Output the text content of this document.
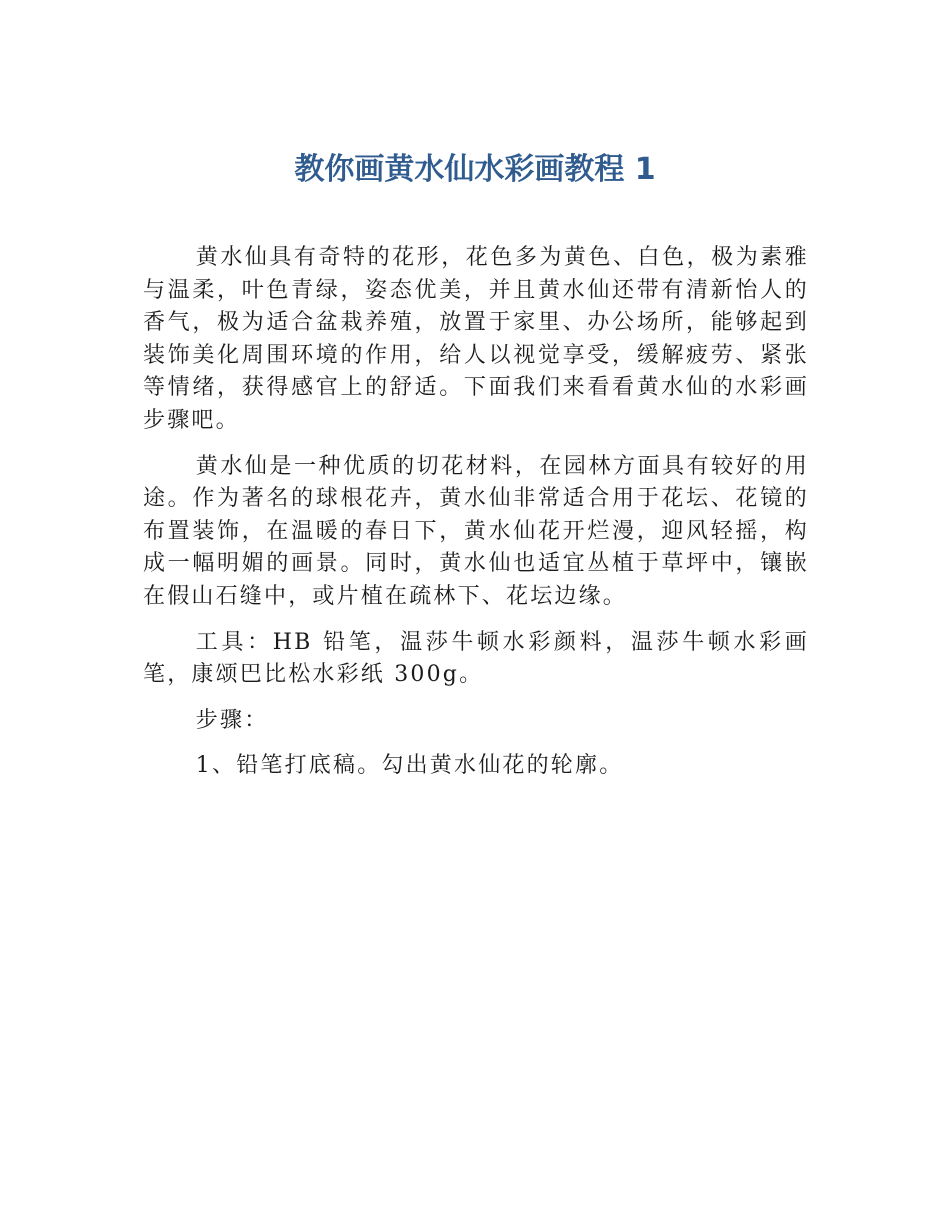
教你画黄水仙水彩画教程 1

黄水仙具有奇特的花形，花色多为黄色、白色，极为素雅与温柔，叶色青绿，姿态优美，并且黄水仙还带有清新怡人的香气，极为适合盆栽养殖，放置于家里、办公场所，能够起到装饰美化周围环境的作用，给人以视觉享受，缓解疲劳、紧张等情绪，获得感官上的舒适。下面我们来看看黄水仙的水彩画步骤吧。

黄水仙是一种优质的切花材料，在园林方面具有较好的用途。作为著名的球根花卉，黄水仙非常适合用于花坛、花镜的布置装饰，在温暖的春日下，黄水仙花开烂漫，迎风轻摇，构成一幅明媚的画景。同时，黄水仙也适宜丛植于草坪中，镶嵌在假山石缝中，或片植在疏林下、花坛边缘。

工具：HB 铅笔，温莎牛顿水彩颜料，温莎牛顿水彩画笔，康颂巴比松水彩纸 300g。

步骤：

1、铅笔打底稿。勾出黄水仙花的轮廓。
